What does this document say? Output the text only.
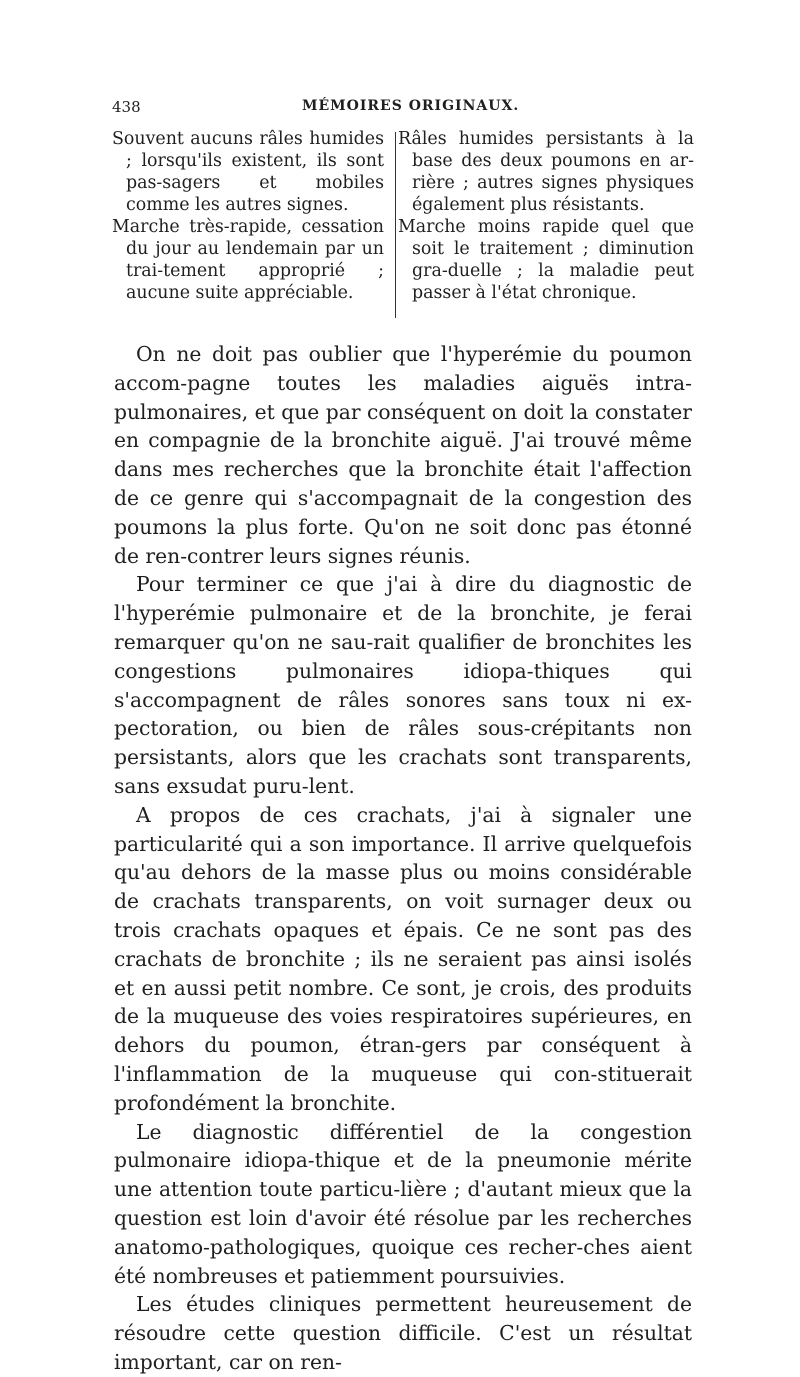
438	MÉMOIRES ORIGINAUX.
Souvent aucuns râles humides ; lorsqu'ils existent, ils sont pas-sagers et mobiles comme les autres signes.
Marche très-rapide, cessation du jour au lendemain par un trai-tement approprié ; aucune suite appréciable.
Râles humides persistants à la base des deux poumons en ar-rière ; autres signes physiques également plus résistants.
Marche moins rapide quel que soit le traitement ; diminution gra-duelle ; la maladie peut passer à l'état chronique.

On ne doit pas oublier que l'hyperémie du poumon accom-pagne toutes les maladies aiguës intra-pulmonaires, et que par conséquent on doit la constater en compagnie de la bronchite aiguë. J'ai trouvé même dans mes recherches que la bronchite était l'affection de ce genre qui s'accompagnait de la congestion des poumons la plus forte. Qu'on ne soit donc pas étonné de ren-contrer leurs signes réunis.

Pour terminer ce que j'ai à dire du diagnostic de l'hyperémie pulmonaire et de la bronchite, je ferai remarquer qu'on ne sau-rait qualifier de bronchites les congestions pulmonaires idiopa-thiques qui s'accompagnent de râles sonores sans toux ni ex-pectoration, ou bien de râles sous-crépitants non persistants, alors que les crachats sont transparents, sans exsudat puru-lent.

A propos de ces crachats, j'ai à signaler une particularité qui a son importance. Il arrive quelquefois qu'au dehors de la masse plus ou moins considérable de crachats transparents, on voit surnager deux ou trois crachats opaques et épais. Ce ne sont pas des crachats de bronchite ; ils ne seraient pas ainsi isolés et en aussi petit nombre. Ce sont, je crois, des produits de la muqueuse des voies respiratoires supérieures, en dehors du poumon, étran-gers par conséquent à l'inflammation de la muqueuse qui con-stituerait profondément la bronchite.

Le diagnostic différentiel de la congestion pulmonaire idiopa-thique et de la pneumonie mérite une attention toute particu-lière ; d'autant mieux que la question est loin d'avoir été résolue par les recherches anatomo-pathologiques, quoique ces recher-ches aient été nombreuses et patiemment poursuivies.

Les études cliniques permettent heureusement de résoudre cette question difficile. C'est un résultat important, car on ren-
